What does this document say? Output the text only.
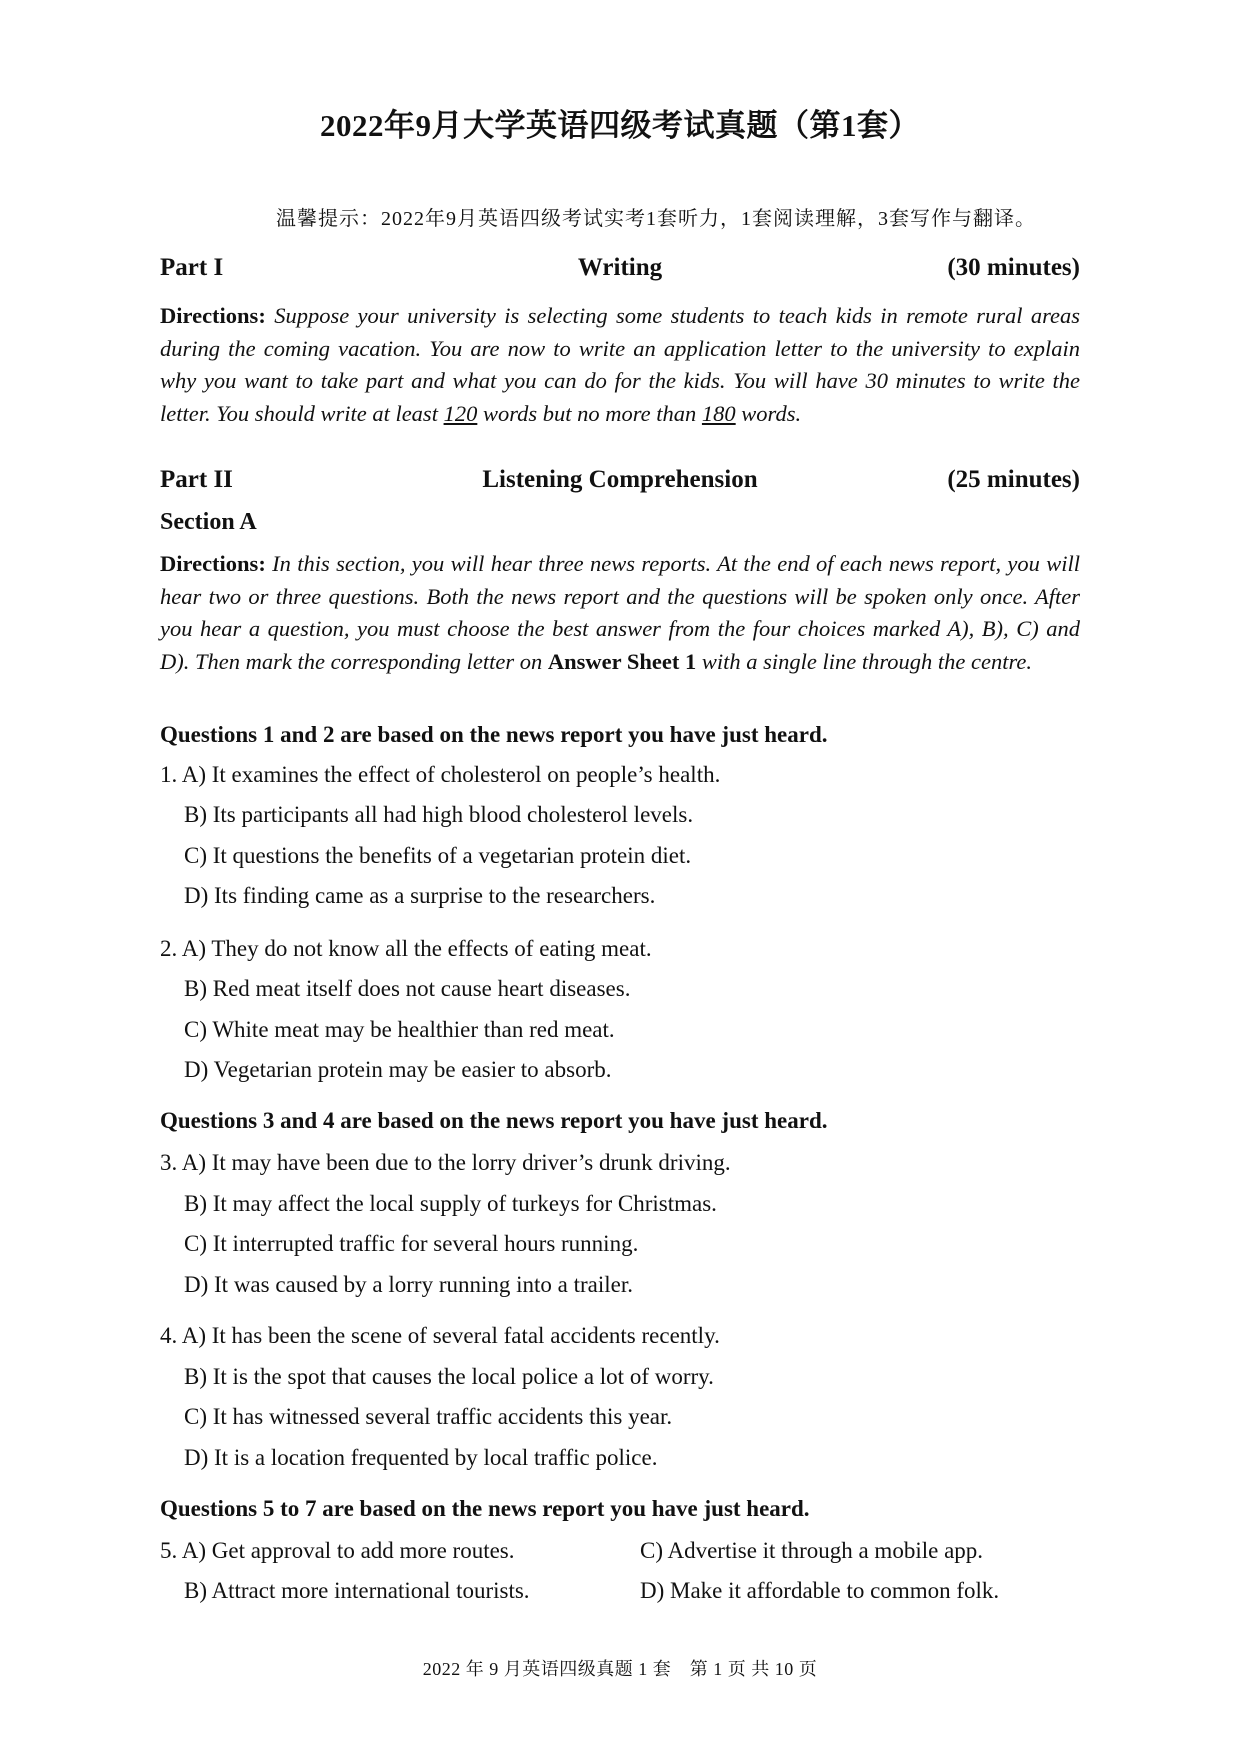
2022年9月大学英语四级考试真题（第1套）
温馨提示：2022年9月英语四级考试实考1套听力，1套阅读理解，3套写作与翻译。
Part I	Writing	(30 minutes)
Directions: Suppose your university is selecting some students to teach kids in remote rural areas during the coming vacation. You are now to write an application letter to the university to explain why you want to take part and what you can do for the kids. You will have 30 minutes to write the letter. You should write at least 120 words but no more than 180 words.
Part II	Listening Comprehension	(25 minutes)
Section A
Directions: In this section, you will hear three news reports. At the end of each news report, you will hear two or three questions. Both the news report and the questions will be spoken only once. After you hear a question, you must choose the best answer from the four choices marked A), B), C) and D). Then mark the corresponding letter on Answer Sheet 1 with a single line through the centre.
Questions 1 and 2 are based on the news report you have just heard.
1. A) It examines the effect of cholesterol on people’s health.
B) Its participants all had high blood cholesterol levels.
C) It questions the benefits of a vegetarian protein diet.
D) Its finding came as a surprise to the researchers.
2. A) They do not know all the effects of eating meat.
B) Red meat itself does not cause heart diseases.
C) White meat may be healthier than red meat.
D) Vegetarian protein may be easier to absorb.
Questions 3 and 4 are based on the news report you have just heard.
3. A) It may have been due to the lorry driver’s drunk driving.
B) It may affect the local supply of turkeys for Christmas.
C) It interrupted traffic for several hours running.
D) It was caused by a lorry running into a trailer.
4. A) It has been the scene of several fatal accidents recently.
B) It is the spot that causes the local police a lot of worry.
C) It has witnessed several traffic accidents this year.
D) It is a location frequented by local traffic police.
Questions 5 to 7 are based on the news report you have just heard.
5. A) Get approval to add more routes.	C) Advertise it through a mobile app.
B) Attract more international tourists.	D) Make it affordable to common folk.
2022 年 9 月英语四级真题 1 套　第 1 页 共 10 页
